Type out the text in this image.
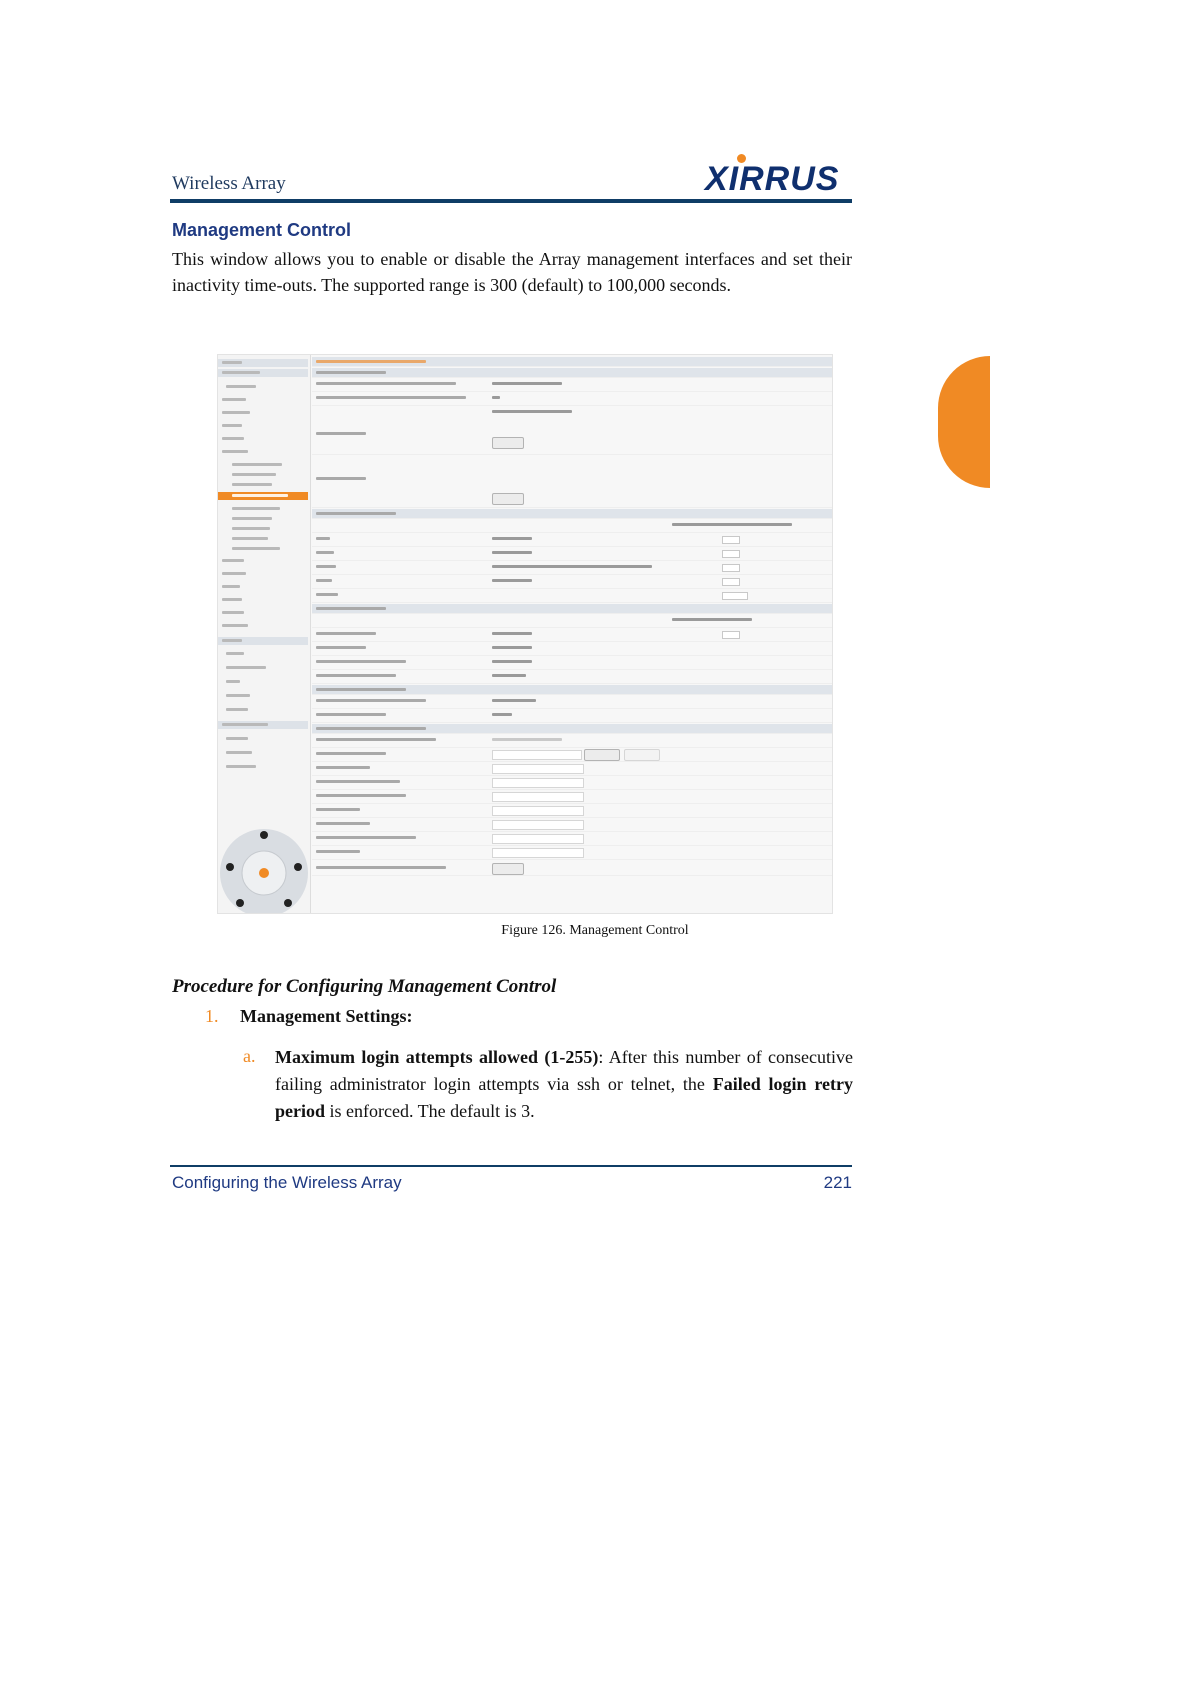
Wireless Array	XIRRUS
Management Control
This window allows you to enable or disable the Array management interfaces and set their inactivity time-outs. The supported range is 300 (default) to 100,000 seconds.
Figure 126. Management Control
Procedure for Configuring Management Control
1. Management Settings:
a. Maximum login attempts allowed (1-255): After this number of consecutive failing administrator login attempts via ssh or telnet, the Failed login retry period is enforced. The default is 3.
Configuring the Wireless Array	221
